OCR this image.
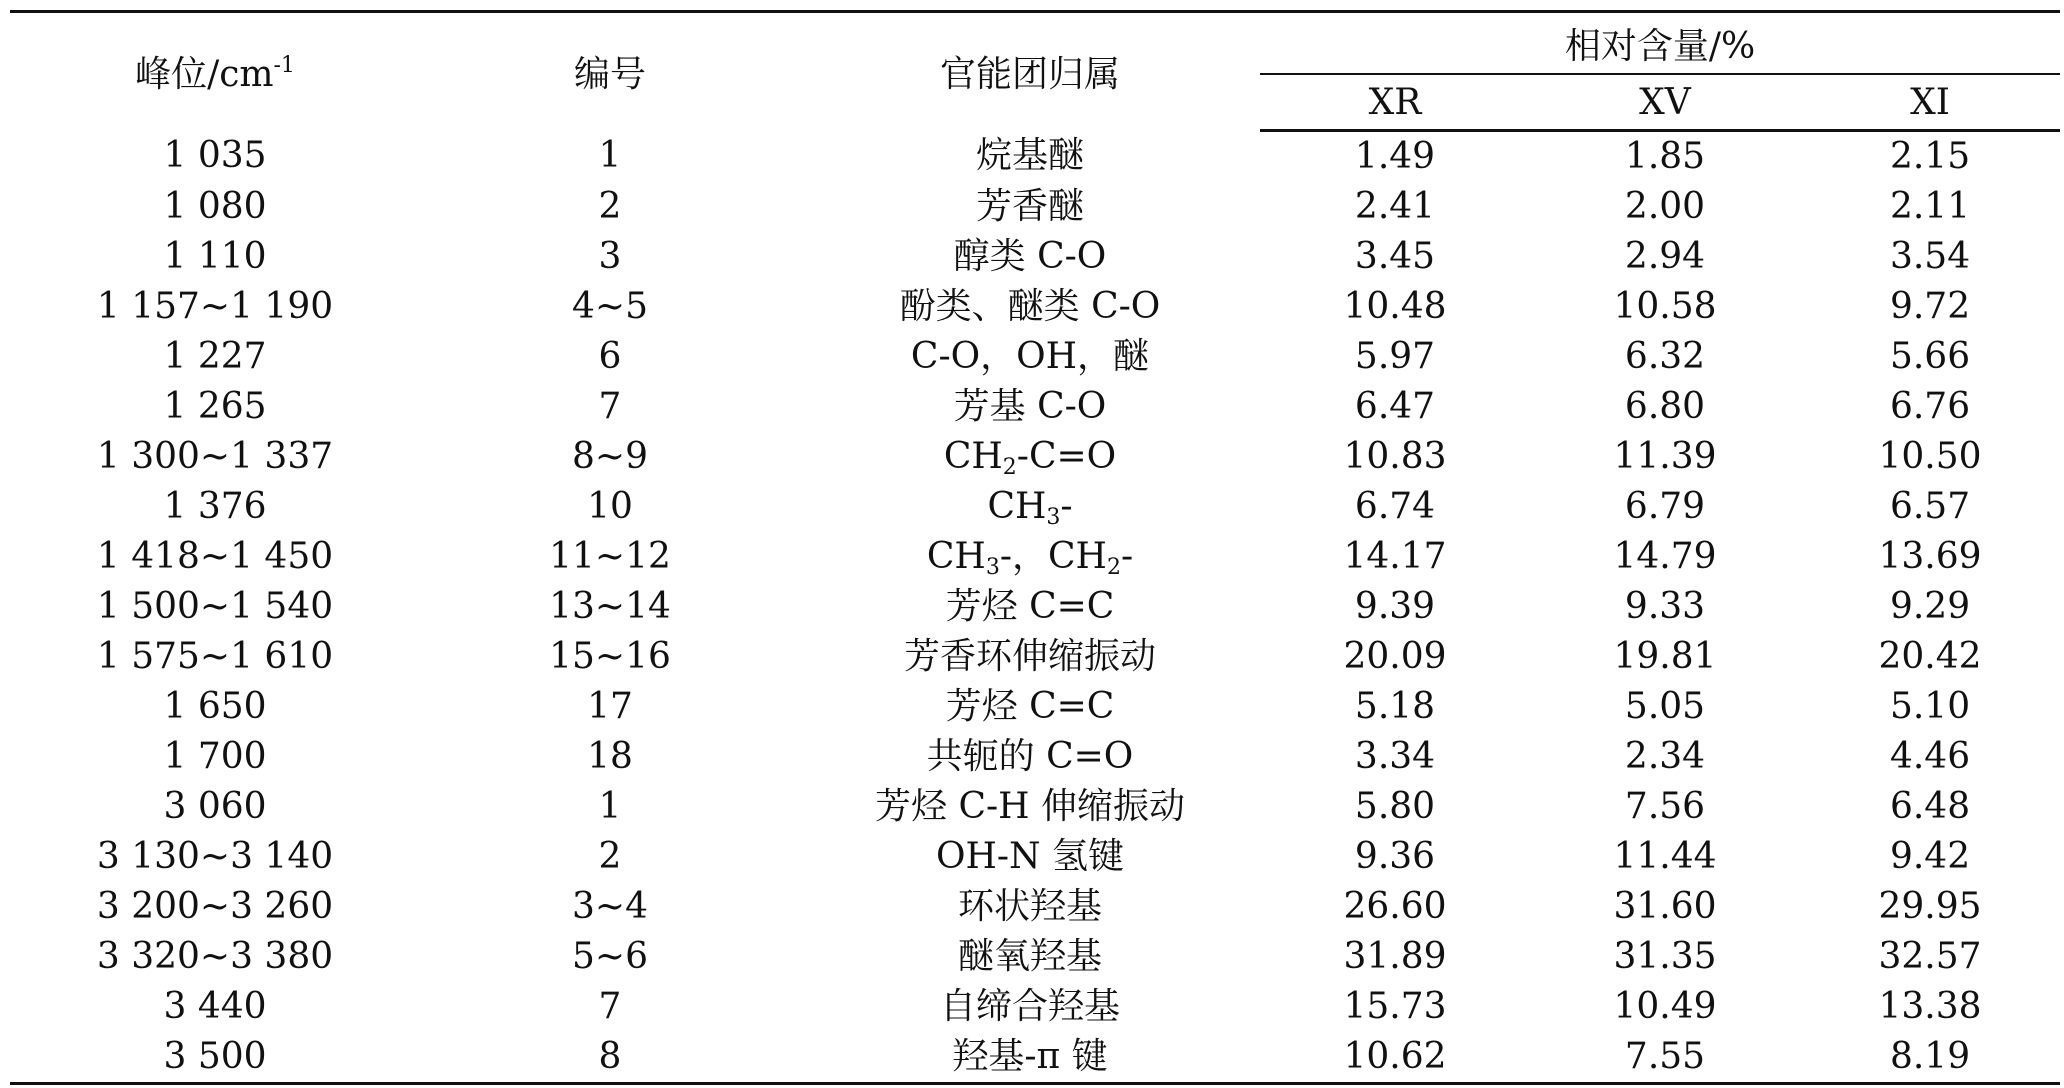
峰位$/cm^{-1}$	编号	官能团归属	相对含量/%		
			XR	XV	XI
1 035	1	烷基醚	1.49	1.85	2.15
1 080	2	芳香醚	2.41	2.00	2.11
1 110	3	醇类 C-O	3.45	2.94	3.54
1 157~1 190	4~5	酚类、醚类 C-O	10.48	10.58	9.72
1 227	6	C-O，OH，醚	5.97	6.32	5.66
1 265	7	芳基 C-O	6.47	6.80	6.76
1 300~1 337	8~9	$CH_2-C=O$	10.83	11.39	10.50
1 376	10	$CH_3-$	6.74	6.79	6.57
1 418~1 450	11~12	$CH_3-$，$CH_2-$	14.17	14.79	13.69
1 500~1 540	13~14	芳烃 C=C	9.39	9.33	9.29
1 575~1 610	15~16	芳香环伸缩振动	20.09	19.81	20.42
1 650	17	芳烃 C=C	5.18	5.05	5.10
1 700	18	共轭的 C=O	3.34	2.34	4.46
3 060	1	芳烃 C-H 伸缩振动	5.80	7.56	6.48
3 130~3 140	2	OH-N 氢键	9.36	11.44	9.42
3 200~3 260	3~4	环状羟基	26.60	31.60	29.95
3 320~3 380	5~6	醚氧羟基	31.89	31.35	32.57
3 440	7	自缔合羟基	15.73	10.49	13.38
3 500	8	羟基-π 键	10.62	7.55	8.19
